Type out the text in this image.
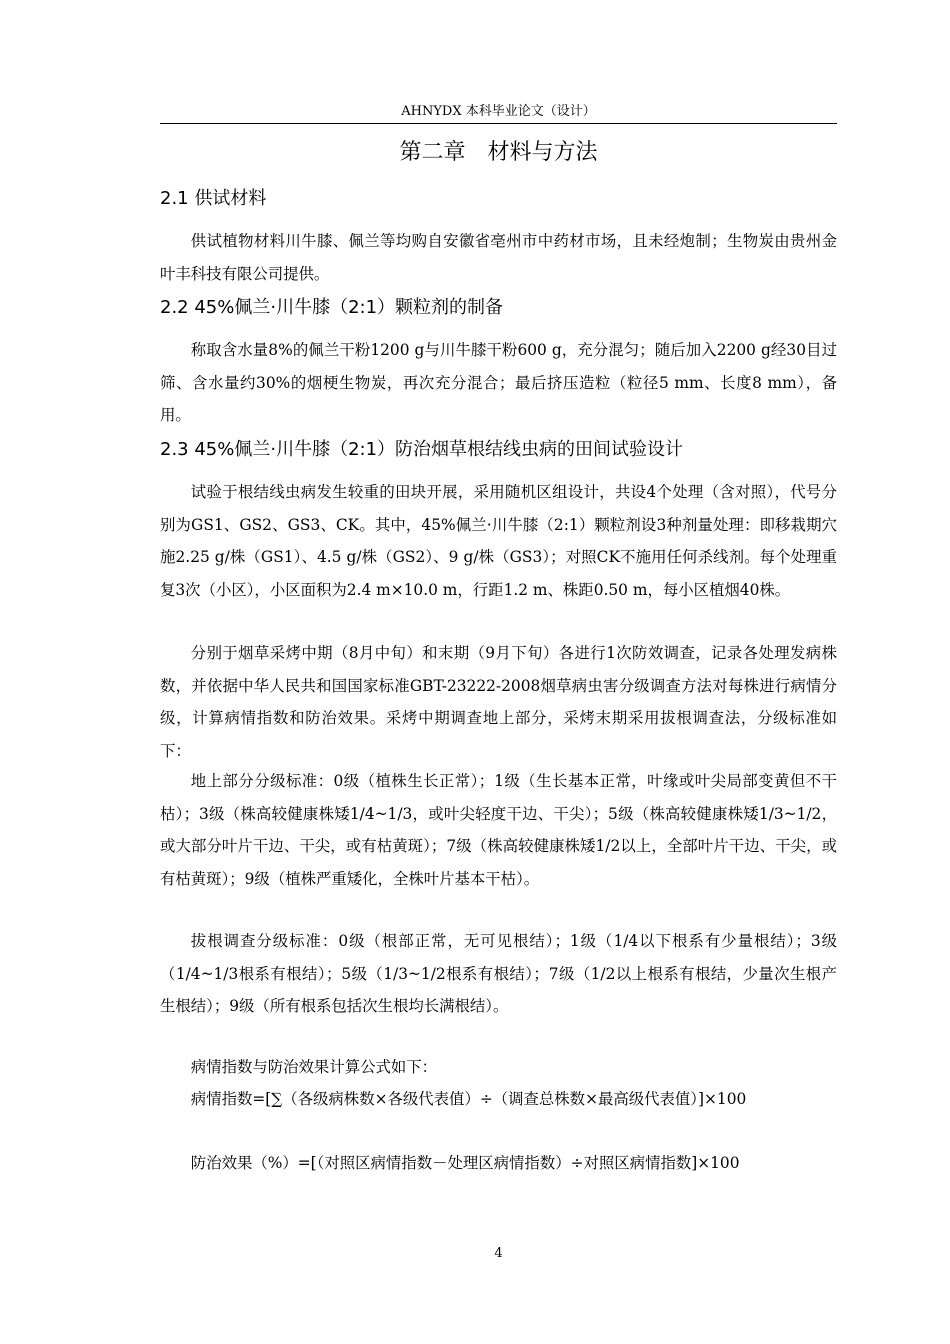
AHNYDX 本科毕业论文（设计）
第二章　材料与方法
2.1 供试材料

供试植物材料川牛膝、佩兰等均购自安徽省亳州市中药材市场，且未经炮制；生物炭由贵州金叶丰科技有限公司提供。

2.2 45%佩兰·川牛膝（2:1）颗粒剂的制备

称取含水量8%的佩兰干粉1200 g与川牛膝干粉600 g，充分混匀；随后加入2200 g经30目过筛、含水量约30%的烟梗生物炭，再次充分混合；最后挤压造粒（粒径5 mm、长度8 mm），备用。

2.3 45%佩兰·川牛膝（2:1）防治烟草根结线虫病的田间试验设计

试验于根结线虫病发生较重的田块开展，采用随机区组设计，共设4个处理（含对照），代号分别为GS1、GS2、GS3、CK。其中，45%佩兰·川牛膝（2:1）颗粒剂设3种剂量处理：即移栽期穴施2.25 g/株（GS1）、4.5 g/株（GS2）、9 g/株（GS3）；对照CK不施用任何杀线剂。每个处理重复3次（小区），小区面积为2.4 m×10.0 m，行距1.2 m、株距0.50 m，每小区植烟40株。

分别于烟草采烤中期（8月中旬）和末期（9月下旬）各进行1次防效调查，记录各处理发病株数，并依据中华人民共和国国家标准GBT-23222-2008烟草病虫害分级调查方法对每株进行病情分级，计算病情指数和防治效果。采烤中期调查地上部分，采烤末期采用拔根调查法，分级标准如下：

地上部分分级标准：0级（植株生长正常）；1级（生长基本正常，叶缘或叶尖局部变黄但不干枯）；3级（株高较健康株矮1/4~1/3，或叶尖轻度干边、干尖）；5级（株高较健康株矮1/3~1/2，或大部分叶片干边、干尖，或有枯黄斑）；7级（株高较健康株矮1/2以上，全部叶片干边、干尖，或有枯黄斑）；9级（植株严重矮化，全株叶片基本干枯）。

拔根调查分级标准：0级（根部正常，无可见根结）；1级（1/4以下根系有少量根结）；3级（1/4~1/3根系有根结）；5级（1/3~1/2根系有根结）；7级（1/2以上根系有根结，少量次生根产生根结）；9级（所有根系包括次生根均长满根结）。

病情指数与防治效果计算公式如下：

病情指数=[∑（各级病株数×各级代表值）÷（调查总株数×最高级代表值）]×100

防治效果（%）=[（对照区病情指数－处理区病情指数）÷对照区病情指数]×100

4
